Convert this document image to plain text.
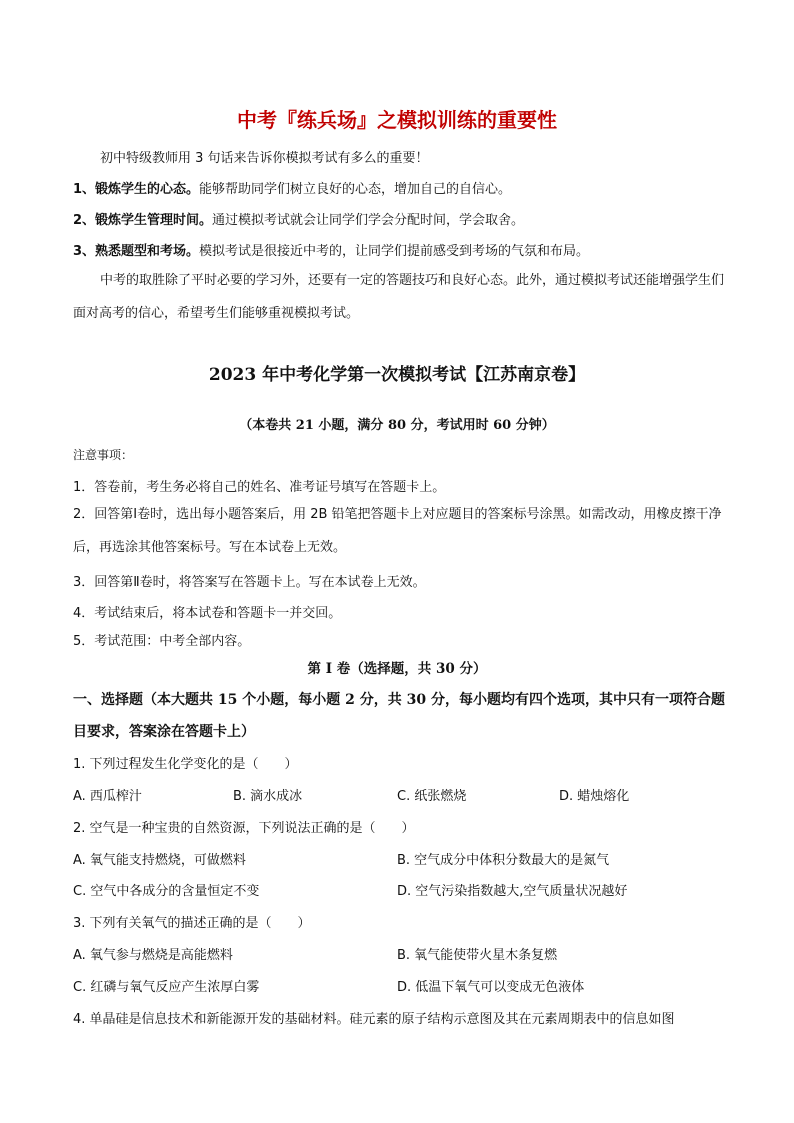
中考『练兵场』之模拟训练的重要性
初中特级教师用 3 句话来告诉你模拟考试有多么的重要！
1、锻炼学生的心态。能够帮助同学们树立良好的心态，增加自己的自信心。
2、锻炼学生管理时间。通过模拟考试就会让同学们学会分配时间，学会取舍。
3、熟悉题型和考场。模拟考试是很接近中考的，让同学们提前感受到考场的气氛和布局。
中考的取胜除了平时必要的学习外，还要有一定的答题技巧和良好心态。此外，通过模拟考试还能增强学生们面对高考的信心，希望考生们能够重视模拟考试。
2023 年中考化学第一次模拟考试【江苏南京卷】
（本卷共 21 小题，满分 80 分，考试用时 60 分钟）
注意事项：
1．答卷前，考生务必将自己的姓名、准考证号填写在答题卡上。
2．回答第Ⅰ卷时，选出每小题答案后，用 2B 铅笔把答题卡上对应题目的答案标号涂黑。如需改动，用橡皮擦干净后，再选涂其他答案标号。写在本试卷上无效。
3．回答第Ⅱ卷时，将答案写在答题卡上。写在本试卷上无效。
4．考试结束后，将本试卷和答题卡一并交回。
5．考试范围：中考全部内容。
第 I 卷（选择题，共 30 分）
一、选择题（本大题共 15 个小题，每小题 2 分，共 30 分，每小题均有四个选项，其中只有一项符合题目要求，答案涂在答题卡上）
1. 下列过程发生化学变化的是（　　）
A. 西瓜榨汁	B. 滴水成冰	C. 纸张燃烧	D. 蜡烛熔化
2. 空气是一种宝贵的自然资源，下列说法正确的是（　　）
A. 氧气能支持燃烧，可做燃料	B. 空气成分中体积分数最大的是氮气
C. 空气中各成分的含量恒定不变	D. 空气污染指数越大,空气质量状况越好
3. 下列有关氧气的描述正确的是（　　）
A. 氧气参与燃烧是高能燃料	B. 氧气能使带火星木条复燃
C. 红磷与氧气反应产生浓厚白雾	D. 低温下氧气可以变成无色液体
4. 单晶硅是信息技术和新能源开发的基础材料。硅元素的原子结构示意图及其在元素周期表中的信息如图
